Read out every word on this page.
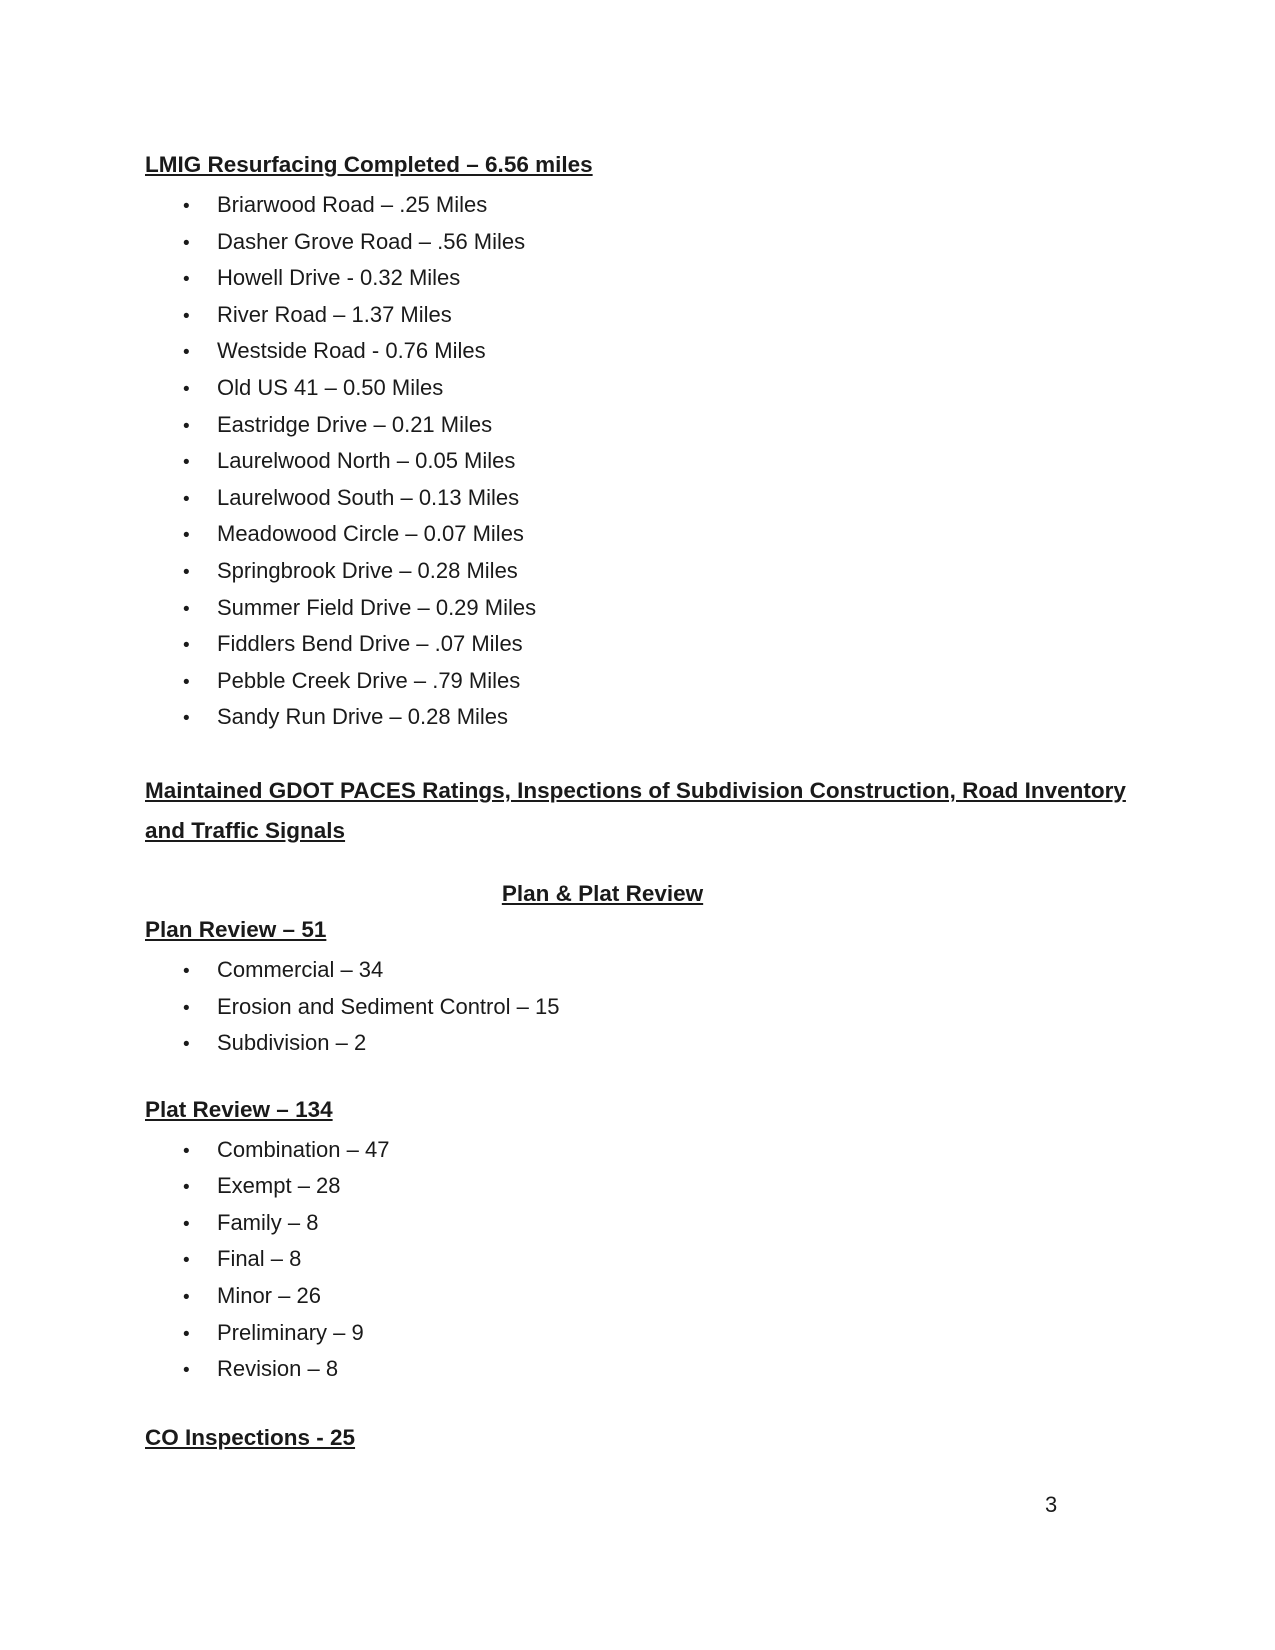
LMIG Resurfacing Completed – 6.56 miles
• Briarwood Road – .25 Miles
• Dasher Grove Road – .56 Miles
• Howell Drive - 0.32 Miles
• River Road – 1.37 Miles
• Westside Road - 0.76 Miles
• Old US 41 – 0.50 Miles
• Eastridge Drive – 0.21 Miles
• Laurelwood North – 0.05 Miles
• Laurelwood South – 0.13 Miles
• Meadowood Circle – 0.07 Miles
• Springbrook Drive – 0.28 Miles
• Summer Field Drive – 0.29 Miles
• Fiddlers Bend Drive – .07 Miles
• Pebble Creek Drive – .79 Miles
• Sandy Run Drive – 0.28 Miles
Maintained GDOT PACES Ratings, Inspections of Subdivision Construction, Road Inventory
and Traffic Signals
Plan & Plat Review
Plan Review – 51
• Commercial – 34
• Erosion and Sediment Control – 15
• Subdivision – 2
Plat Review – 134
• Combination – 47
• Exempt – 28
• Family – 8
• Final – 8
• Minor – 26
• Preliminary – 9
• Revision – 8
CO Inspections - 25
3
